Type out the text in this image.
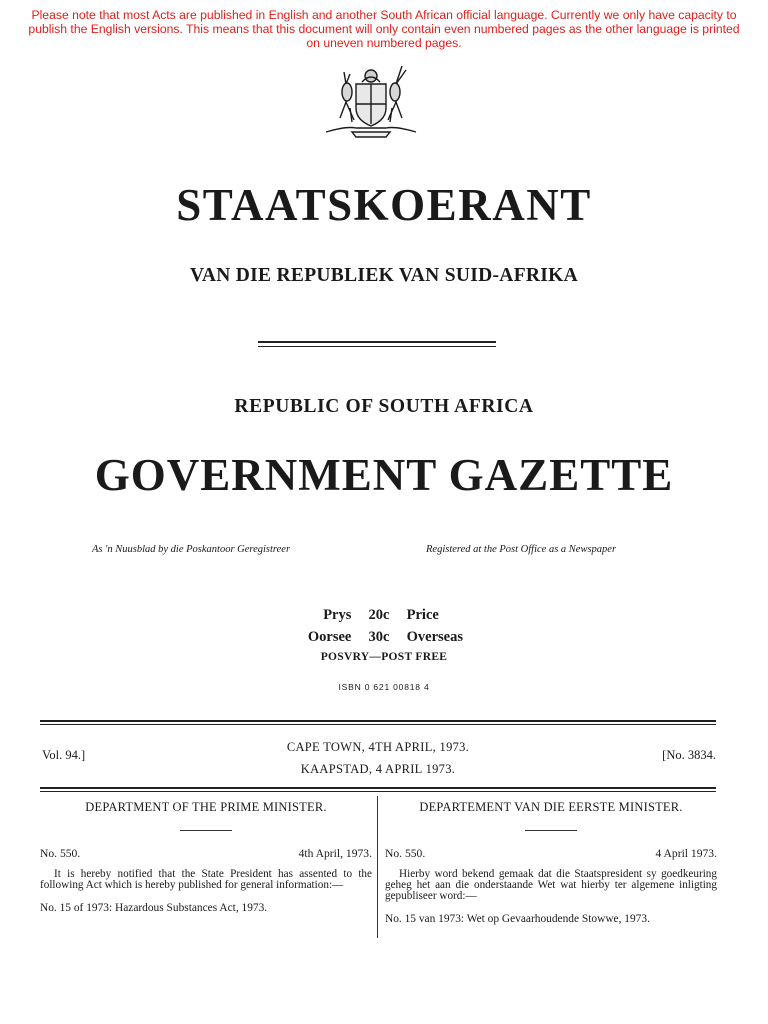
Please note that most Acts are published in English and another South African official language. Currently we only have capacity to publish the English versions. This means that this document will only contain even numbered pages as the other language is printed on uneven numbered pages.
STAATSKOERANT
VAN DIE REPUBLIEK VAN SUID-AFRIKA
REPUBLIC OF SOUTH AFRICA
GOVERNMENT GAZETTE
As 'n Nuusblad by die Poskantoor Geregistreer	Registered at the Post Office as a Newspaper
Prys 20c Price
Oorsee 30c Overseas
POSVRY—POST FREE
ISBN 0 621 00818 4
Vol. 94.]
CAPE TOWN, 4TH APRIL, 1973.
KAAPSTAD, 4 APRIL 1973.
[No. 3834.
DEPARTMENT OF THE PRIME MINISTER.
No. 550.	4th April, 1973.
It is hereby notified that the State President has assented to the following Act which is hereby published for general information:—
No. 15 of 1973: Hazardous Substances Act, 1973.
DEPARTEMENT VAN DIE EERSTE MINISTER.
No. 550.	4 April 1973.
Hierby word bekend gemaak dat die Staatspresident sy goedkeuring geheg het aan die onderstaande Wet wat hierby ter algemene inligting gepubliseer word:—
No. 15 van 1973: Wet op Gevaarhoudende Stowwe, 1973.
